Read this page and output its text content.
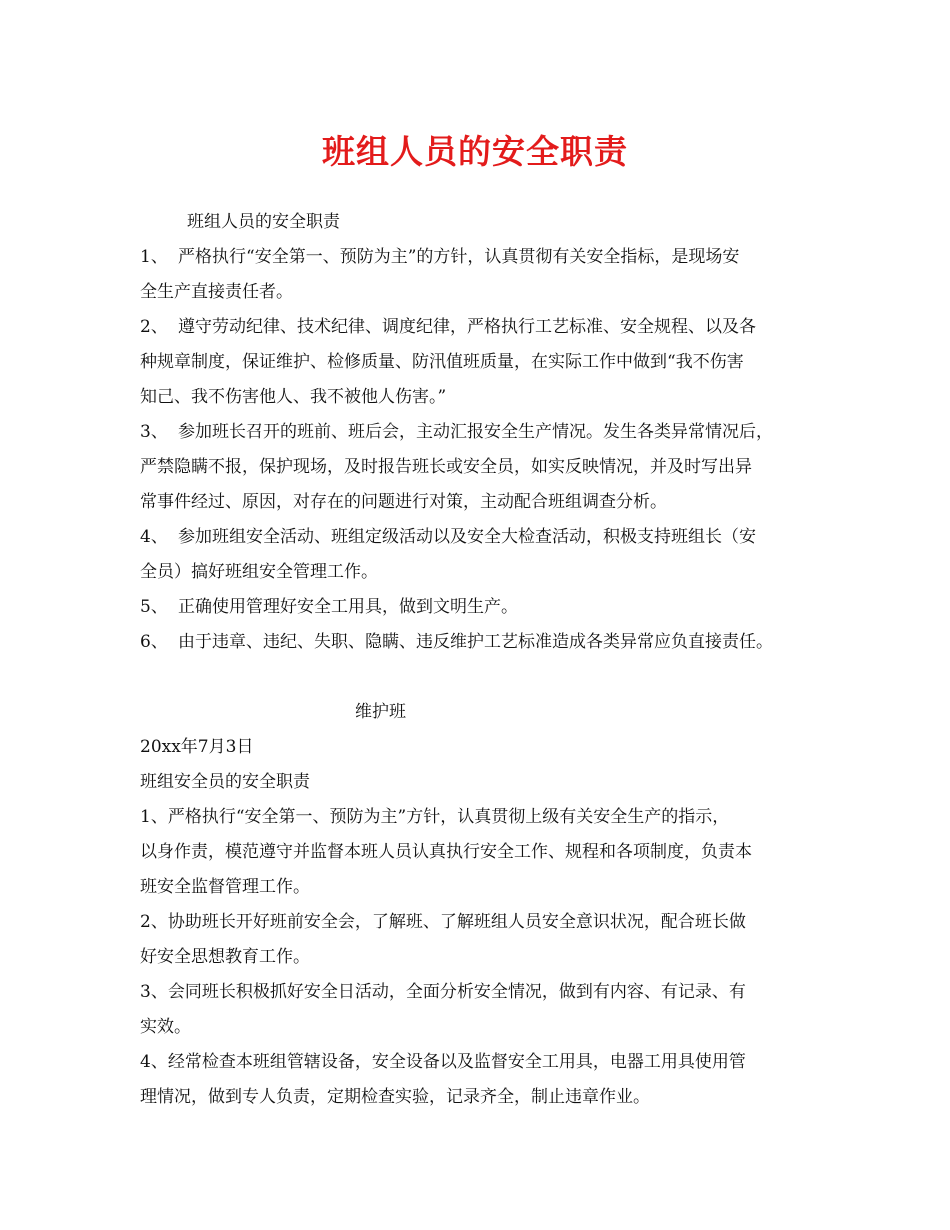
班组人员的安全职责
班组人员的安全职责
1、 严格执行“安全第一、预防为主”的方针，认真贯彻有关安全指标，是现场安
全生产直接责任者。
2、 遵守劳动纪律、技术纪律、调度纪律，严格执行工艺标准、安全规程、以及各
种规章制度，保证维护、检修质量、防汛值班质量，在实际工作中做到“我不伤害
知己、我不伤害他人、我不被他人伤害。”
3、 参加班长召开的班前、班后会，主动汇报安全生产情况。发生各类异常情况后，
严禁隐瞒不报，保护现场，及时报告班长或安全员，如实反映情况，并及时写出异
常事件经过、原因，对存在的问题进行对策，主动配合班组调查分析。
4、 参加班组安全活动、班组定级活动以及安全大检查活动，积极支持班组长（安
全员）搞好班组安全管理工作。
5、 正确使用管理好安全工用具，做到文明生产。
6、 由于违章、违纪、失职、隐瞒、违反维护工艺标准造成各类异常应负直接责任。
维护班
20xx年7月3日
班组安全员的安全职责
1、严格执行“安全第一、预防为主”方针，认真贯彻上级有关安全生产的指示，
以身作责，模范遵守并监督本班人员认真执行安全工作、规程和各项制度，负责本
班安全监督管理工作。
2、协助班长开好班前安全会，了解班、了解班组人员安全意识状况，配合班长做
好安全思想教育工作。
3、会同班长积极抓好安全日活动，全面分析安全情况，做到有内容、有记录、有
实效。
4、经常检查本班组管辖设备，安全设备以及监督安全工用具，电器工用具使用管
理情况，做到专人负责，定期检查实验，记录齐全，制止违章作业。
